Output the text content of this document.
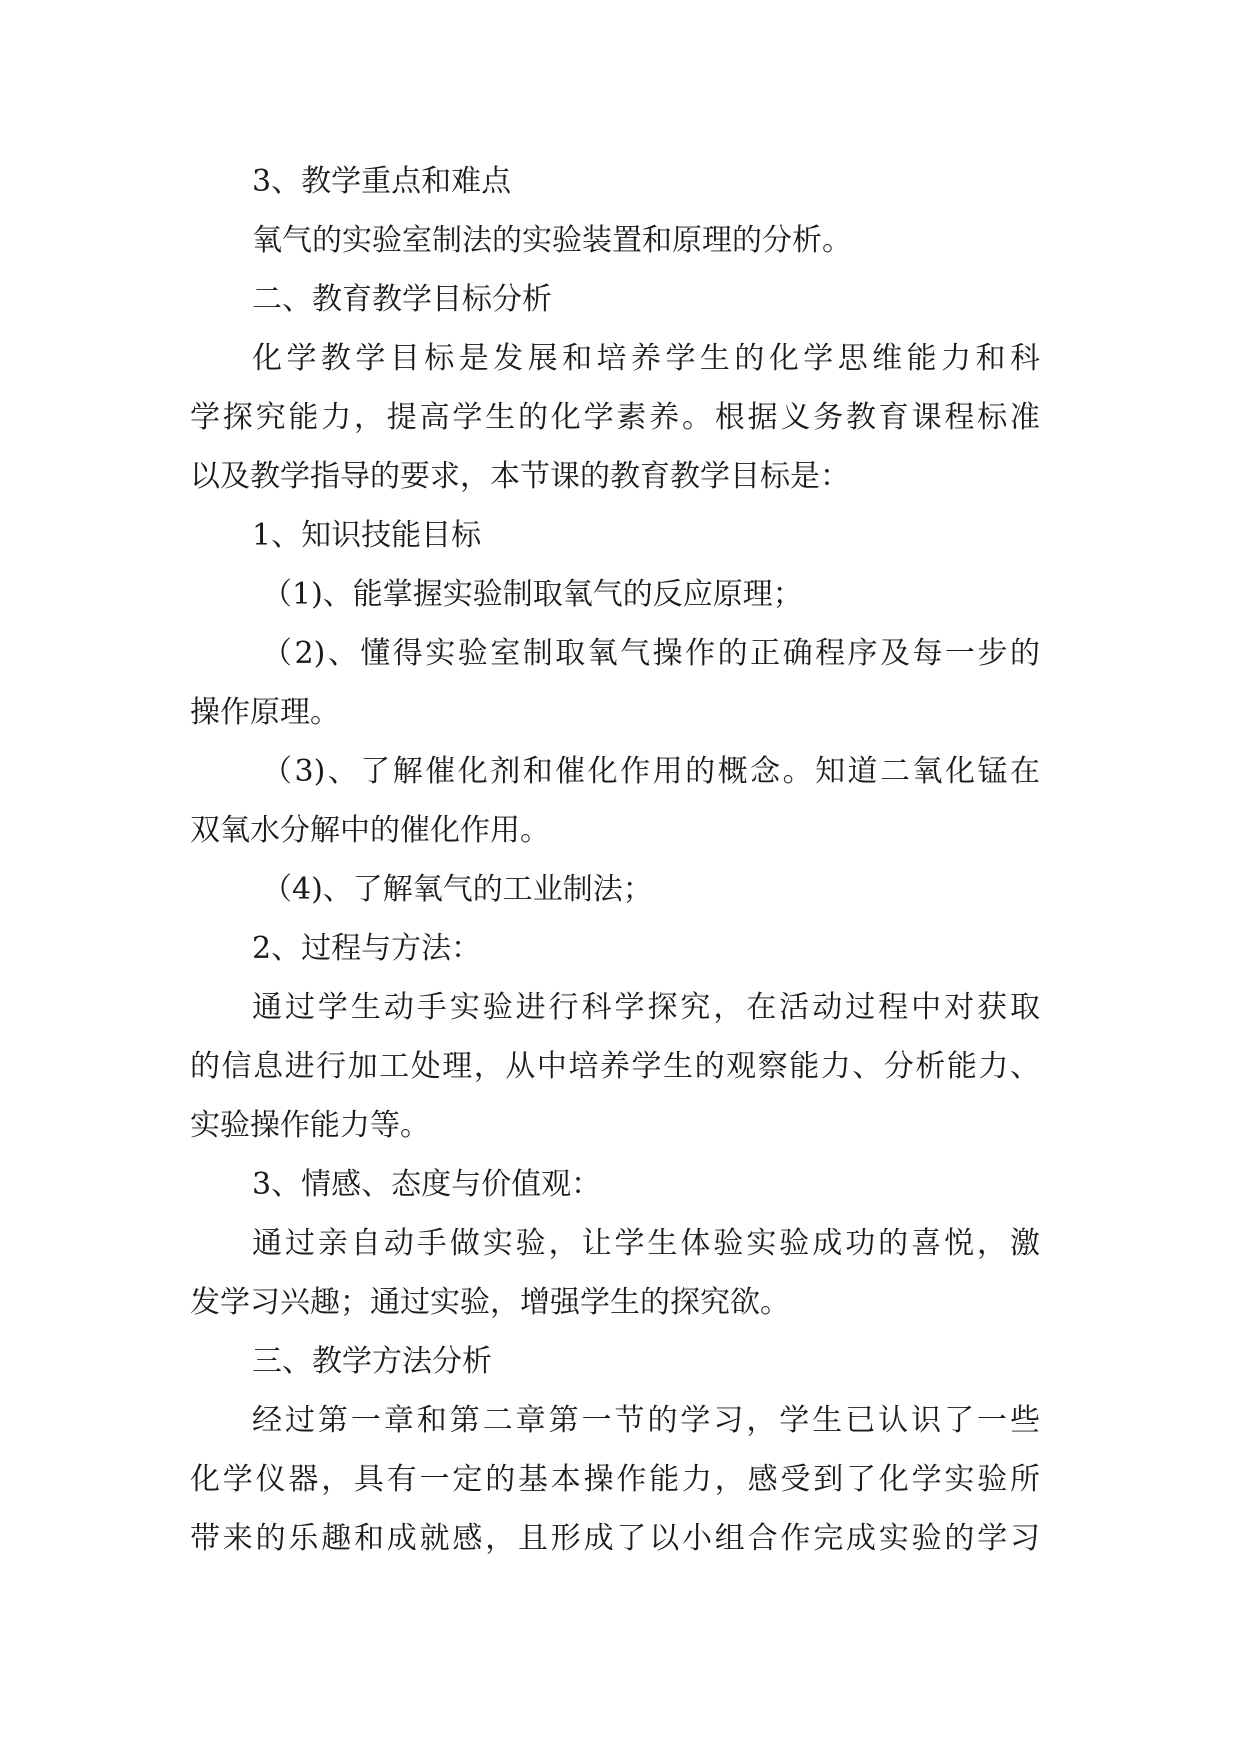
3、教学重点和难点
氧气的实验室制法的实验装置和原理的分析。
二、教育教学目标分析
化学教学目标是发展和培养学生的化学思维能力和科
学探究能力，提高学生的化学素养。根据义务教育课程标准
以及教学指导的要求，本节课的教育教学目标是：
1、知识技能目标
（1)、能掌握实验制取氧气的反应原理；
（2)、懂得实验室制取氧气操作的正确程序及每一步的
操作原理。
（3)、了解催化剂和催化作用的概念。知道二氧化锰在
双氧水分解中的催化作用。
（4)、了解氧气的工业制法；
2、过程与方法：
通过学生动手实验进行科学探究，在活动过程中对获取
的信息进行加工处理，从中培养学生的观察能力、分析能力、
实验操作能力等。
3、情感、态度与价值观：
通过亲自动手做实验，让学生体验实验成功的喜悦，激
发学习兴趣；通过实验，增强学生的探究欲。
三、教学方法分析
经过第一章和第二章第一节的学习，学生已认识了一些
化学仪器，具有一定的基本操作能力，感受到了化学实验所
带来的乐趣和成就感，且形成了以小组合作完成实验的学习
